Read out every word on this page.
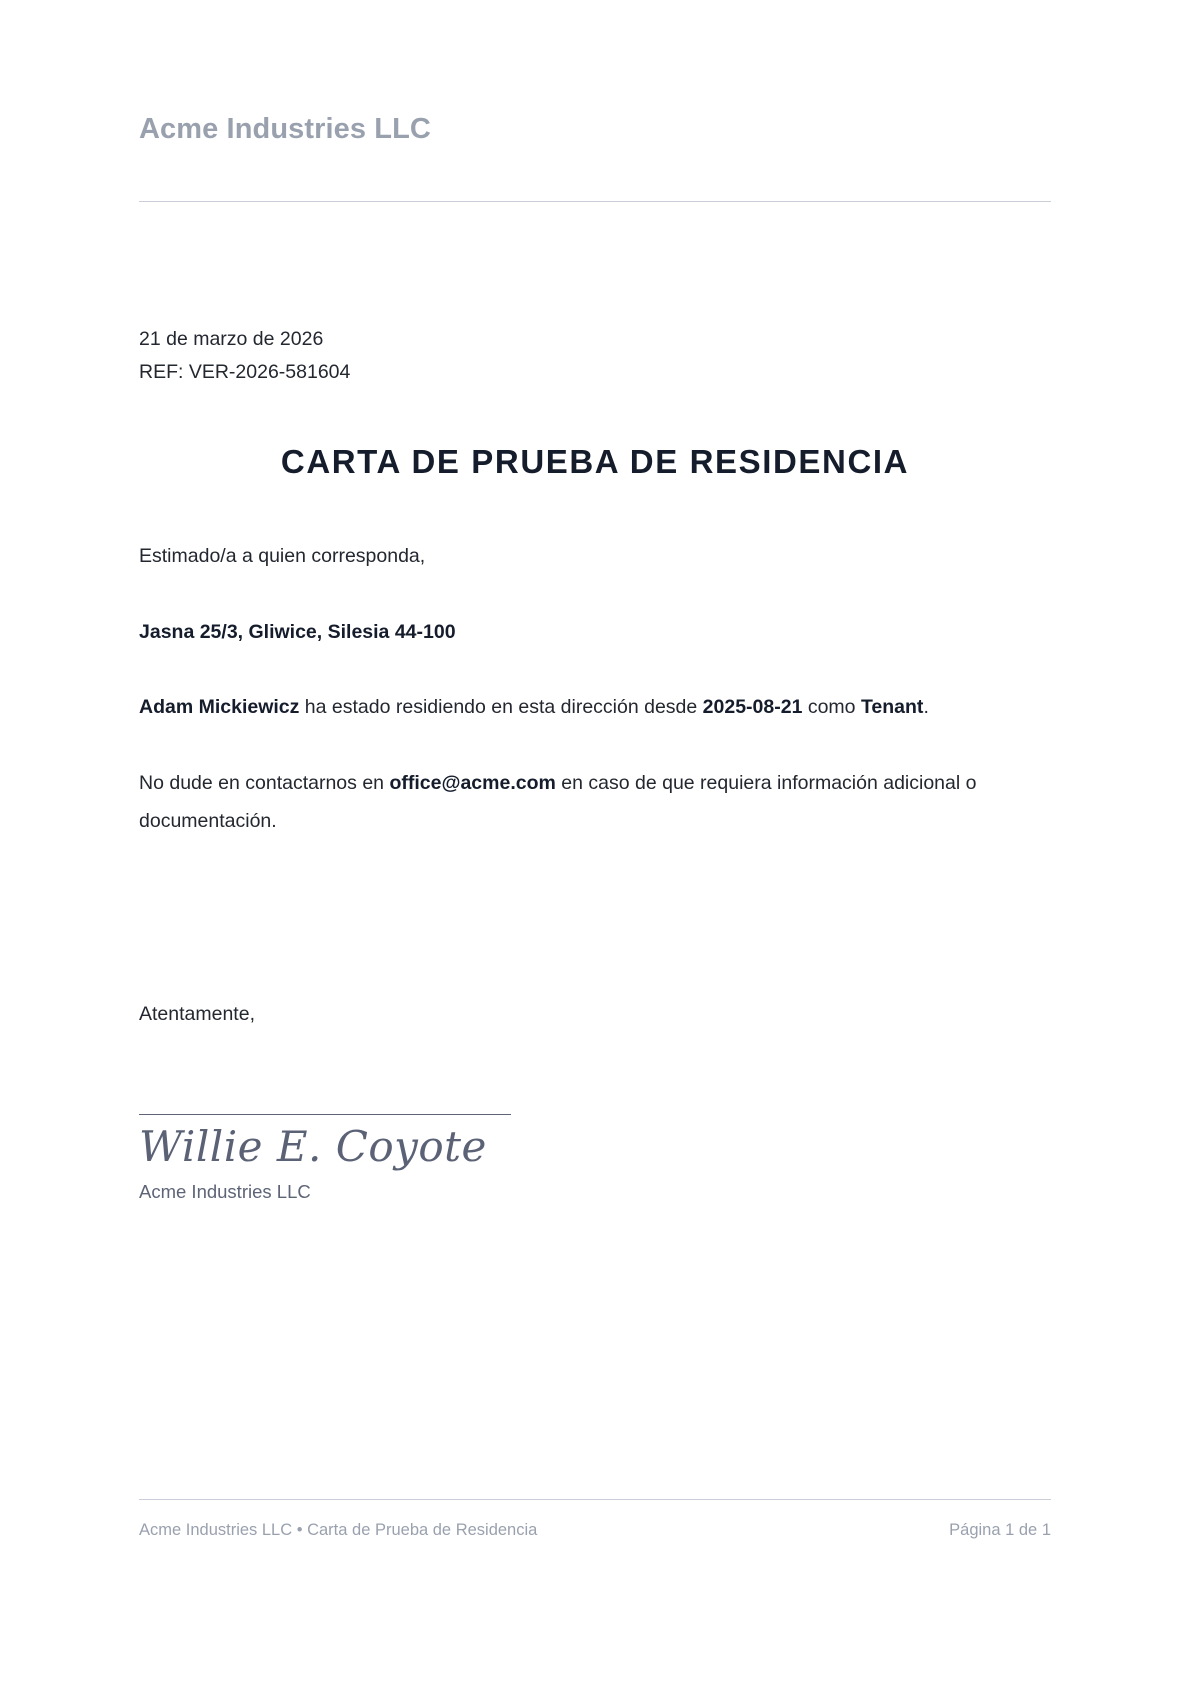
Acme Industries LLC
21 de marzo de 2026
REF: VER-2026-581604
CARTA DE PRUEBA DE RESIDENCIA

Estimado/a a quien corresponda,

Jasna 25/3, Gliwice, Silesia 44-100

Adam Mickiewicz ha estado residiendo en esta dirección desde 2025-08-21 como Tenant.

No dude en contactarnos en office@acme.com en caso de que requiera información adicional o documentación.

Atentamente,
Willie E. Coyote
Acme Industries LLC
Acme Industries LLC • Carta de Prueba de Residencia	Página 1 de 1
